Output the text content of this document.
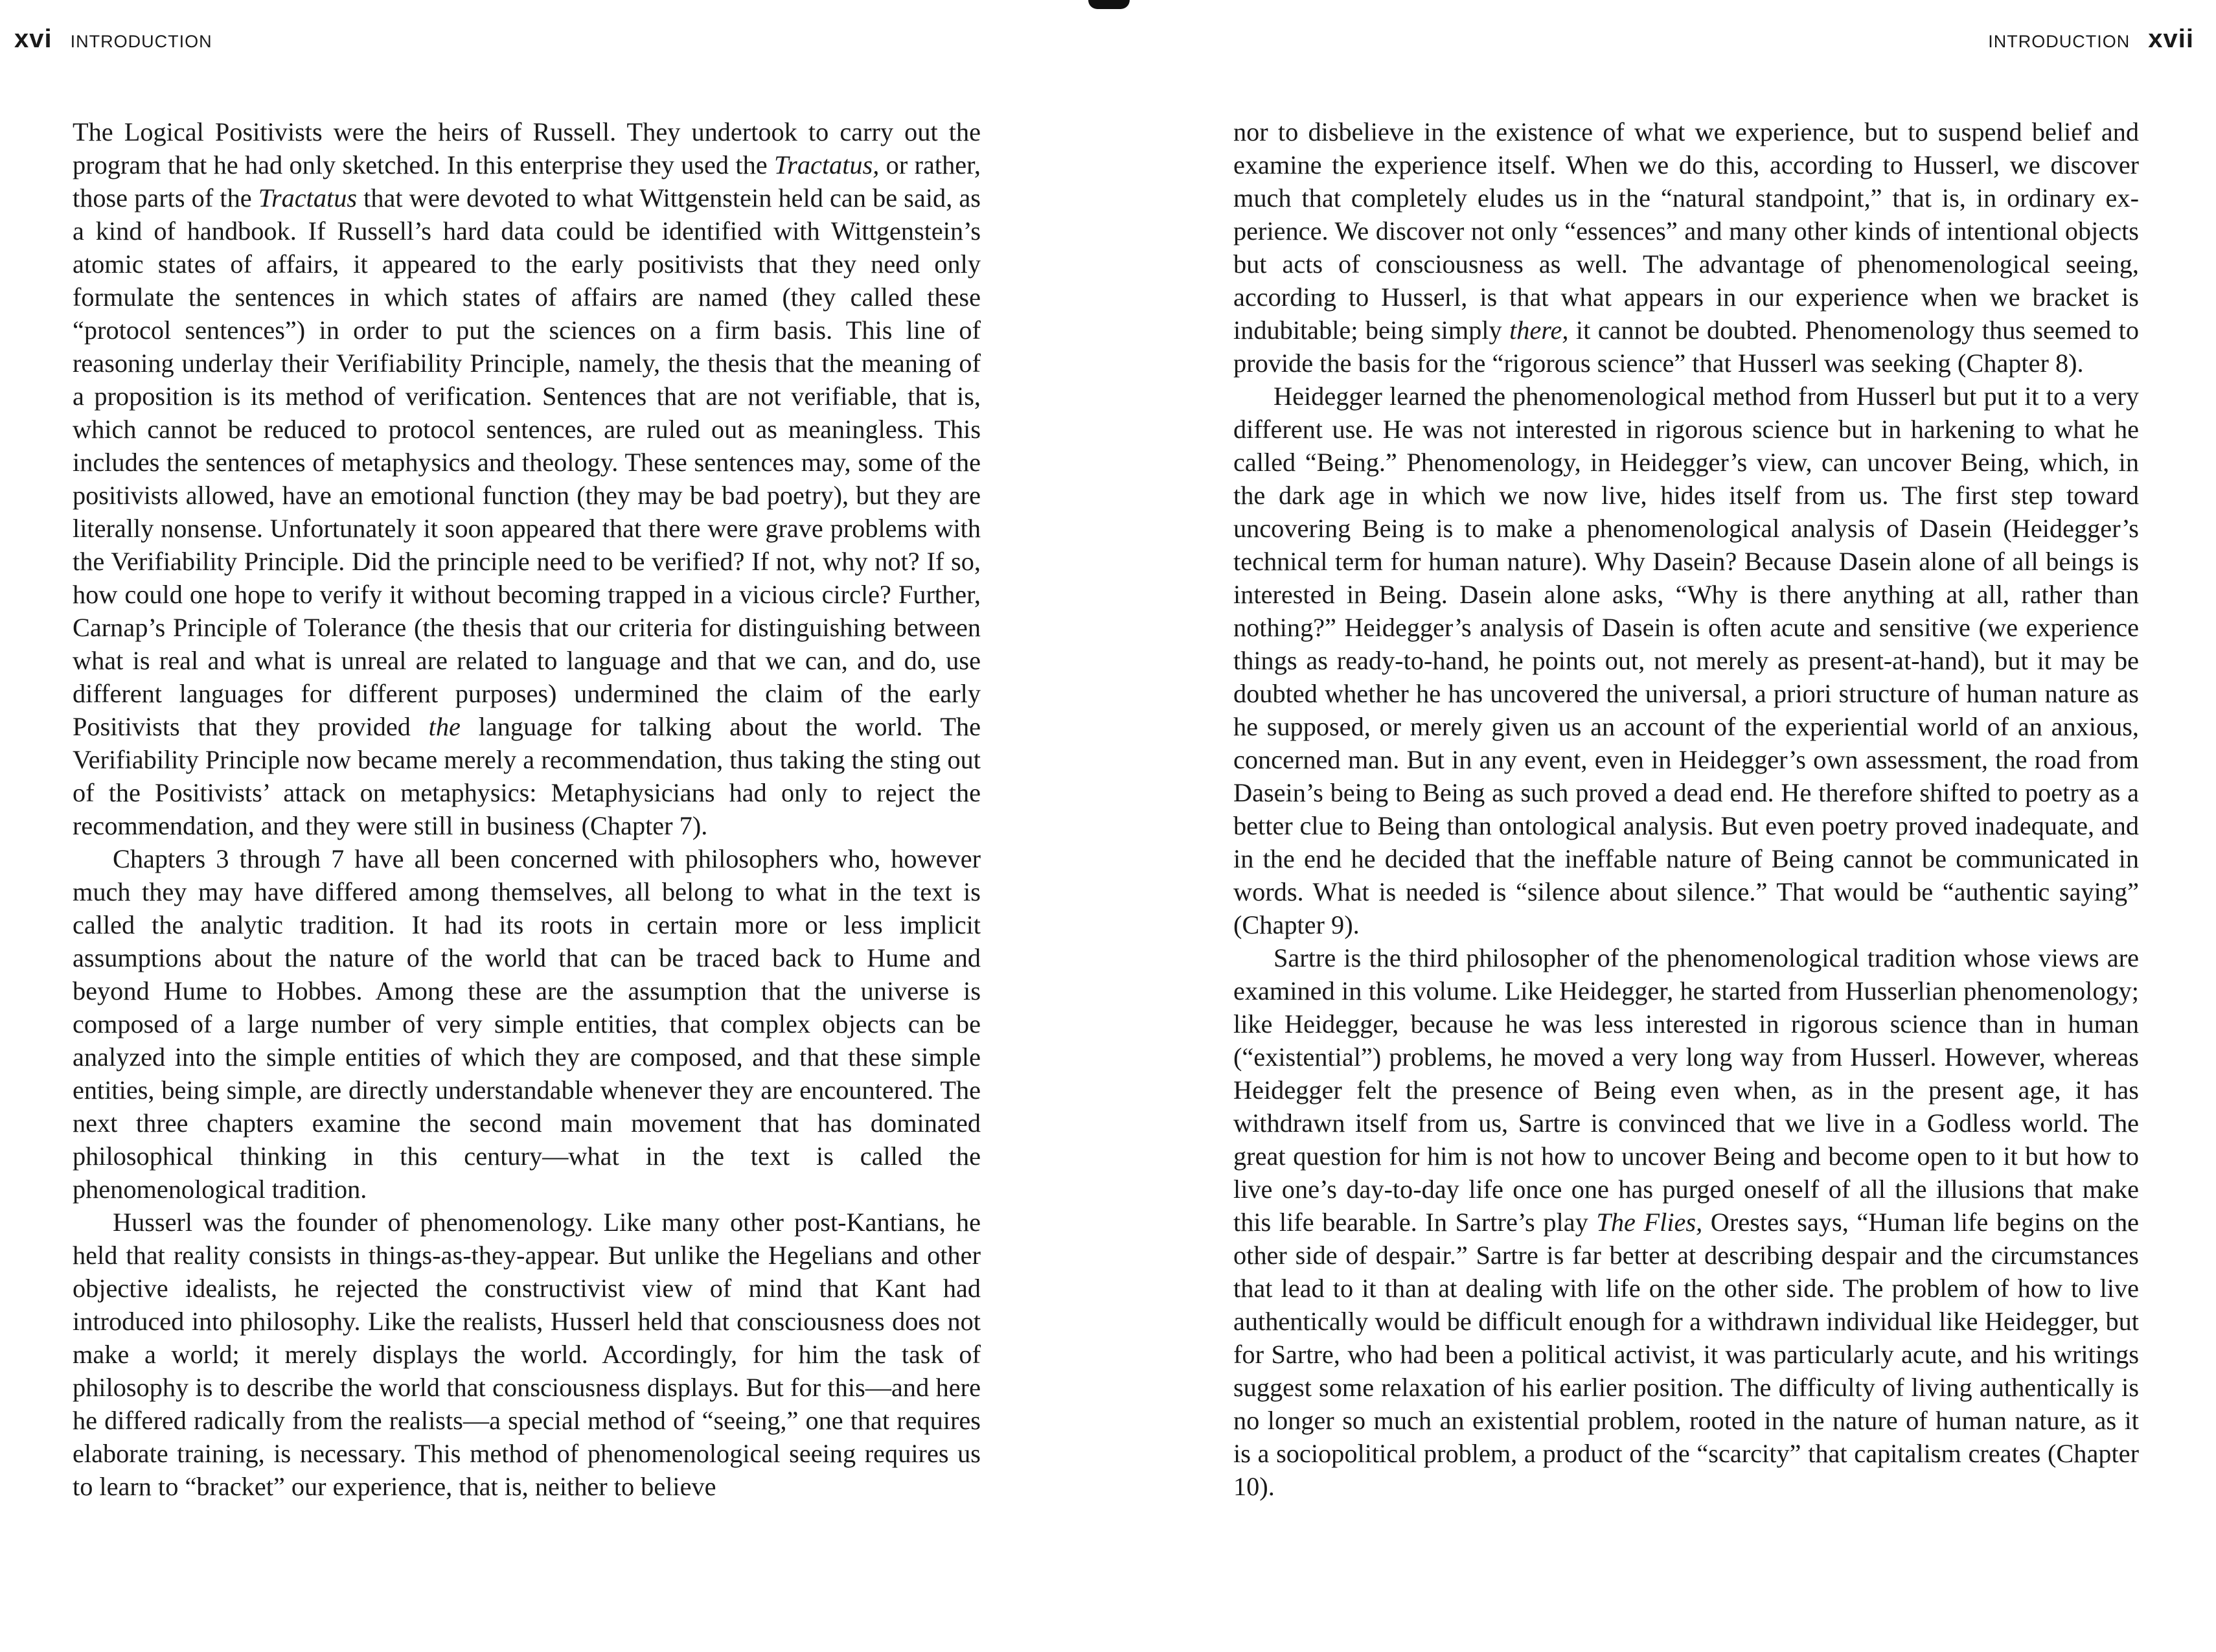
xvi INTRODUCTION

The Logical Positivists were the heirs of Russell. They undertook to carry out the program that he had only sketched. In this enterprise they used the Tractatus, or rather, those parts of the Tractatus that were devoted to what Wittgenstein held can be said, as a kind of handbook. If Russell’s hard data could be identified with Wittgenstein’s atomic states of affairs, it appeared to the early positivists that they need only formulate the sentences in which states of affairs are named (they called these “protocol sentences”) in order to put the sciences on a firm basis. This line of reasoning underlay their Verifiability Principle, namely, the thesis that the meaning of a proposition is its method of verification. Sentences that are not verifiable, that is, which cannot be reduced to protocol sentences, are ruled out as meaningless. This includes the sentences of metaphysics and theology. These sentences may, some of the positivists allowed, have an emotional function (they may be bad poetry), but they are literally nonsense. Unfortunately it soon appeared that there were grave problems with the Verifiability Principle. Did the principle need to be verified? If not, why not? If so, how could one hope to verify it without becoming trapped in a vicious circle? Further, Carnap’s Principle of Tolerance (the thesis that our criteria for distinguishing between what is real and what is unreal are related to language and that we can, and do, use different languages for different purposes) undermined the claim of the early Positivists that they provided the language for talking about the world. The Verifiability Principle now became merely a recommendation, thus taking the sting out of the Positivists’ attack on metaphysics: Metaphysicians had only to reject the recommendation, and they were still in business (Chapter 7).

Chapters 3 through 7 have all been concerned with philosophers who, however much they may have differed among themselves, all belong to what in the text is called the analytic tradition. It had its roots in certain more or less implicit assumptions about the nature of the world that can be traced back to Hume and beyond Hume to Hobbes. Among these are the assumption that the universe is composed of a large number of very simple entities, that complex objects can be analyzed into the simple entities of which they are composed, and that these simple entities, being simple, are directly understandable whenever they are encountered. The next three chapters examine the second main movement that has dominated philosophical thinking in this century—what in the text is called the phenomenological tradition.

Husserl was the founder of phenomenology. Like many other post-Kantians, he held that reality consists in things-as-they-appear. But unlike the Hegelians and other objective idealists, he rejected the constructivist view of mind that Kant had introduced into philosophy. Like the realists, Husserl held that consciousness does not make a world; it merely displays the world. Accordingly, for him the task of philosophy is to describe the world that consciousness displays. But for this—and here he differed radically from the realists—a special method of “seeing,” one that requires elaborate training, is necessary. This method of phenomenological seeing requires us to learn to “bracket” our experience, that is, neither to believe

INTRODUCTION xvii

nor to disbelieve in the existence of what we experience, but to suspend belief and examine the experience itself. When we do this, according to Husserl, we discover much that completely eludes us in the “natural standpoint,” that is, in ordinary experience. We discover not only “essences” and many other kinds of intentional objects but acts of consciousness as well. The advantage of phenomenological seeing, according to Husserl, is that what appears in our experience when we bracket is indubitable; being simply there, it cannot be doubted. Phenomenology thus seemed to provide the basis for the “rigorous science” that Husserl was seeking (Chapter 8).

Heidegger learned the phenomenological method from Husserl but put it to a very different use. He was not interested in rigorous science but in harkening to what he called “Being.” Phenomenology, in Heidegger’s view, can uncover Being, which, in the dark age in which we now live, hides itself from us. The first step toward uncovering Being is to make a phenomenological analysis of Dasein (Heidegger’s technical term for human nature). Why Dasein? Because Dasein alone of all beings is interested in Being. Dasein alone asks, “Why is there anything at all, rather than nothing?” Heidegger’s analysis of Dasein is often acute and sensitive (we experience things as ready-to-hand, he points out, not merely as present-at-hand), but it may be doubted whether he has uncovered the universal, a priori structure of human nature as he supposed, or merely given us an account of the experiential world of an anxious, concerned man. But in any event, even in Heidegger’s own assessment, the road from Dasein’s being to Being as such proved a dead end. He therefore shifted to poetry as a better clue to Being than ontological analysis. But even poetry proved inadequate, and in the end he decided that the ineffable nature of Being cannot be communicated in words. What is needed is “silence about silence.” That would be “authentic saying” (Chapter 9).

Sartre is the third philosopher of the phenomenological tradition whose views are examined in this volume. Like Heidegger, he started from Husserlian phenomenology; like Heidegger, because he was less interested in rigorous science than in human (“existential”) problems, he moved a very long way from Husserl. However, whereas Heidegger felt the presence of Being even when, as in the present age, it has withdrawn itself from us, Sartre is convinced that we live in a Godless world. The great question for him is not how to uncover Being and become open to it but how to live one’s day-to-day life once one has purged oneself of all the illusions that make this life bearable. In Sartre’s play The Flies, Orestes says, “Human life begins on the other side of despair.” Sartre is far better at describing despair and the circumstances that lead to it than at dealing with life on the other side. The problem of how to live authentically would be difficult enough for a withdrawn individual like Heidegger, but for Sartre, who had been a political activist, it was particularly acute, and his writings suggest some relaxation of his earlier position. The difficulty of living authentically is no longer so much an existential problem, rooted in the nature of human nature, as it is a sociopolitical problem, a product of the “scarcity” that capitalism creates (Chapter 10).
